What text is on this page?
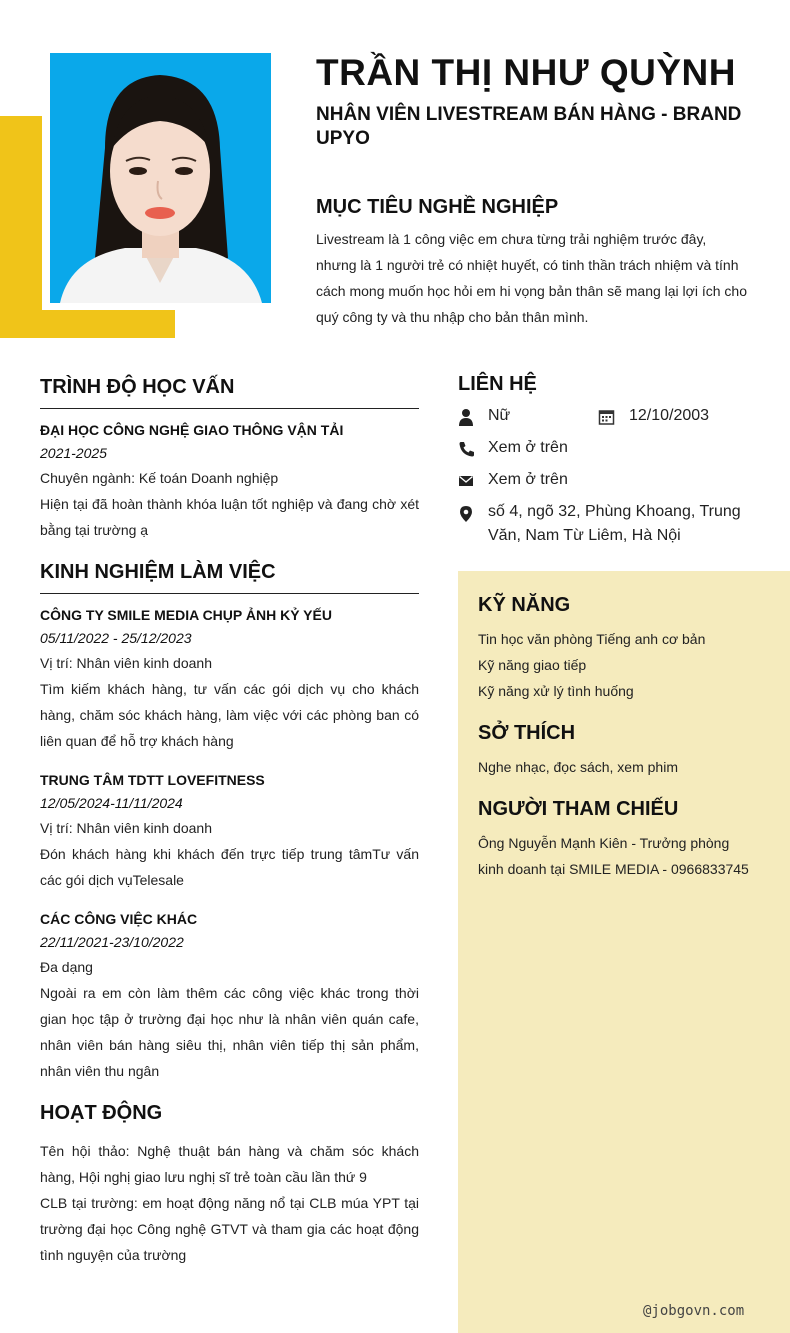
TRẦN THỊ NHƯ QUỲNH
NHÂN VIÊN LIVESTREAM BÁN HÀNG - BRAND UPYO
MỤC TIÊU NGHỀ NGHIỆP
Livestream là 1 công việc em chưa từng trải nghiệm trước đây, nhưng là 1 người trẻ có nhiệt huyết, có tinh thần trách nhiệm và tính cách mong muốn học hỏi em hi vọng bản thân sẽ mang lại lợi ích cho quý công ty và thu nhập cho bản thân mình.
TRÌNH ĐỘ HỌC VẤN
ĐẠI HỌC CÔNG NGHỆ GIAO THÔNG VẬN TẢI
2021-2025
Chuyên ngành: Kế toán Doanh nghiệp
Hiện tại đã hoàn thành khóa luận tốt nghiệp và đang chờ xét bằng tại trường ạ
KINH NGHIỆM LÀM VIỆC
CÔNG TY SMILE MEDIA CHỤP ẢNH KỶ YẾU
05/11/2022 - 25/12/2023
Vị trí: Nhân viên kinh doanh
Tìm kiếm khách hàng, tư vấn các gói dịch vụ cho khách hàng, chăm sóc khách hàng, làm việc với các phòng ban có liên quan để hỗ trợ khách hàng
TRUNG TÂM TDTT LOVEFITNESS
12/05/2024-11/11/2024
Vị trí: Nhân viên kinh doanh
Đón khách hàng khi khách đến trực tiếp trung tâmTư vấn các gói dịch vụTelesale
CÁC CÔNG VIỆC KHÁC
22/11/2021-23/10/2022
Đa dạng
Ngoài ra em còn làm thêm các công việc khác trong thời gian học tập ở trường đại học như là nhân viên quán cafe, nhân viên bán hàng siêu thị, nhân viên tiếp thị sản phẩm, nhân viên thu ngân
HOẠT ĐỘNG
Tên hội thảo: Nghệ thuật bán hàng và chăm sóc khách hàng, Hội nghị giao lưu nghị sĩ trẻ toàn cầu lần thứ 9
CLB tại trường: em hoạt động năng nổ tại CLB múa YPT tại trường đại học Công nghệ GTVT và tham gia các hoạt động tình nguyện của trường
LIÊN HỆ
Nữ	12/10/2003
Xem ở trên
Xem ở trên
số 4, ngõ 32, Phùng Khoang, Trung Văn, Nam Từ Liêm, Hà Nội
KỸ NĂNG
Tin học văn phòng Tiếng anh cơ bản
Kỹ năng giao tiếp
Kỹ năng xử lý tình huống
SỞ THÍCH
Nghe nhạc, đọc sách, xem phim
NGƯỜI THAM CHIẾU
Ông Nguyễn Mạnh Kiên - Trưởng phòng kinh doanh tại SMILE MEDIA - 0966833745
@jobgovn.com
